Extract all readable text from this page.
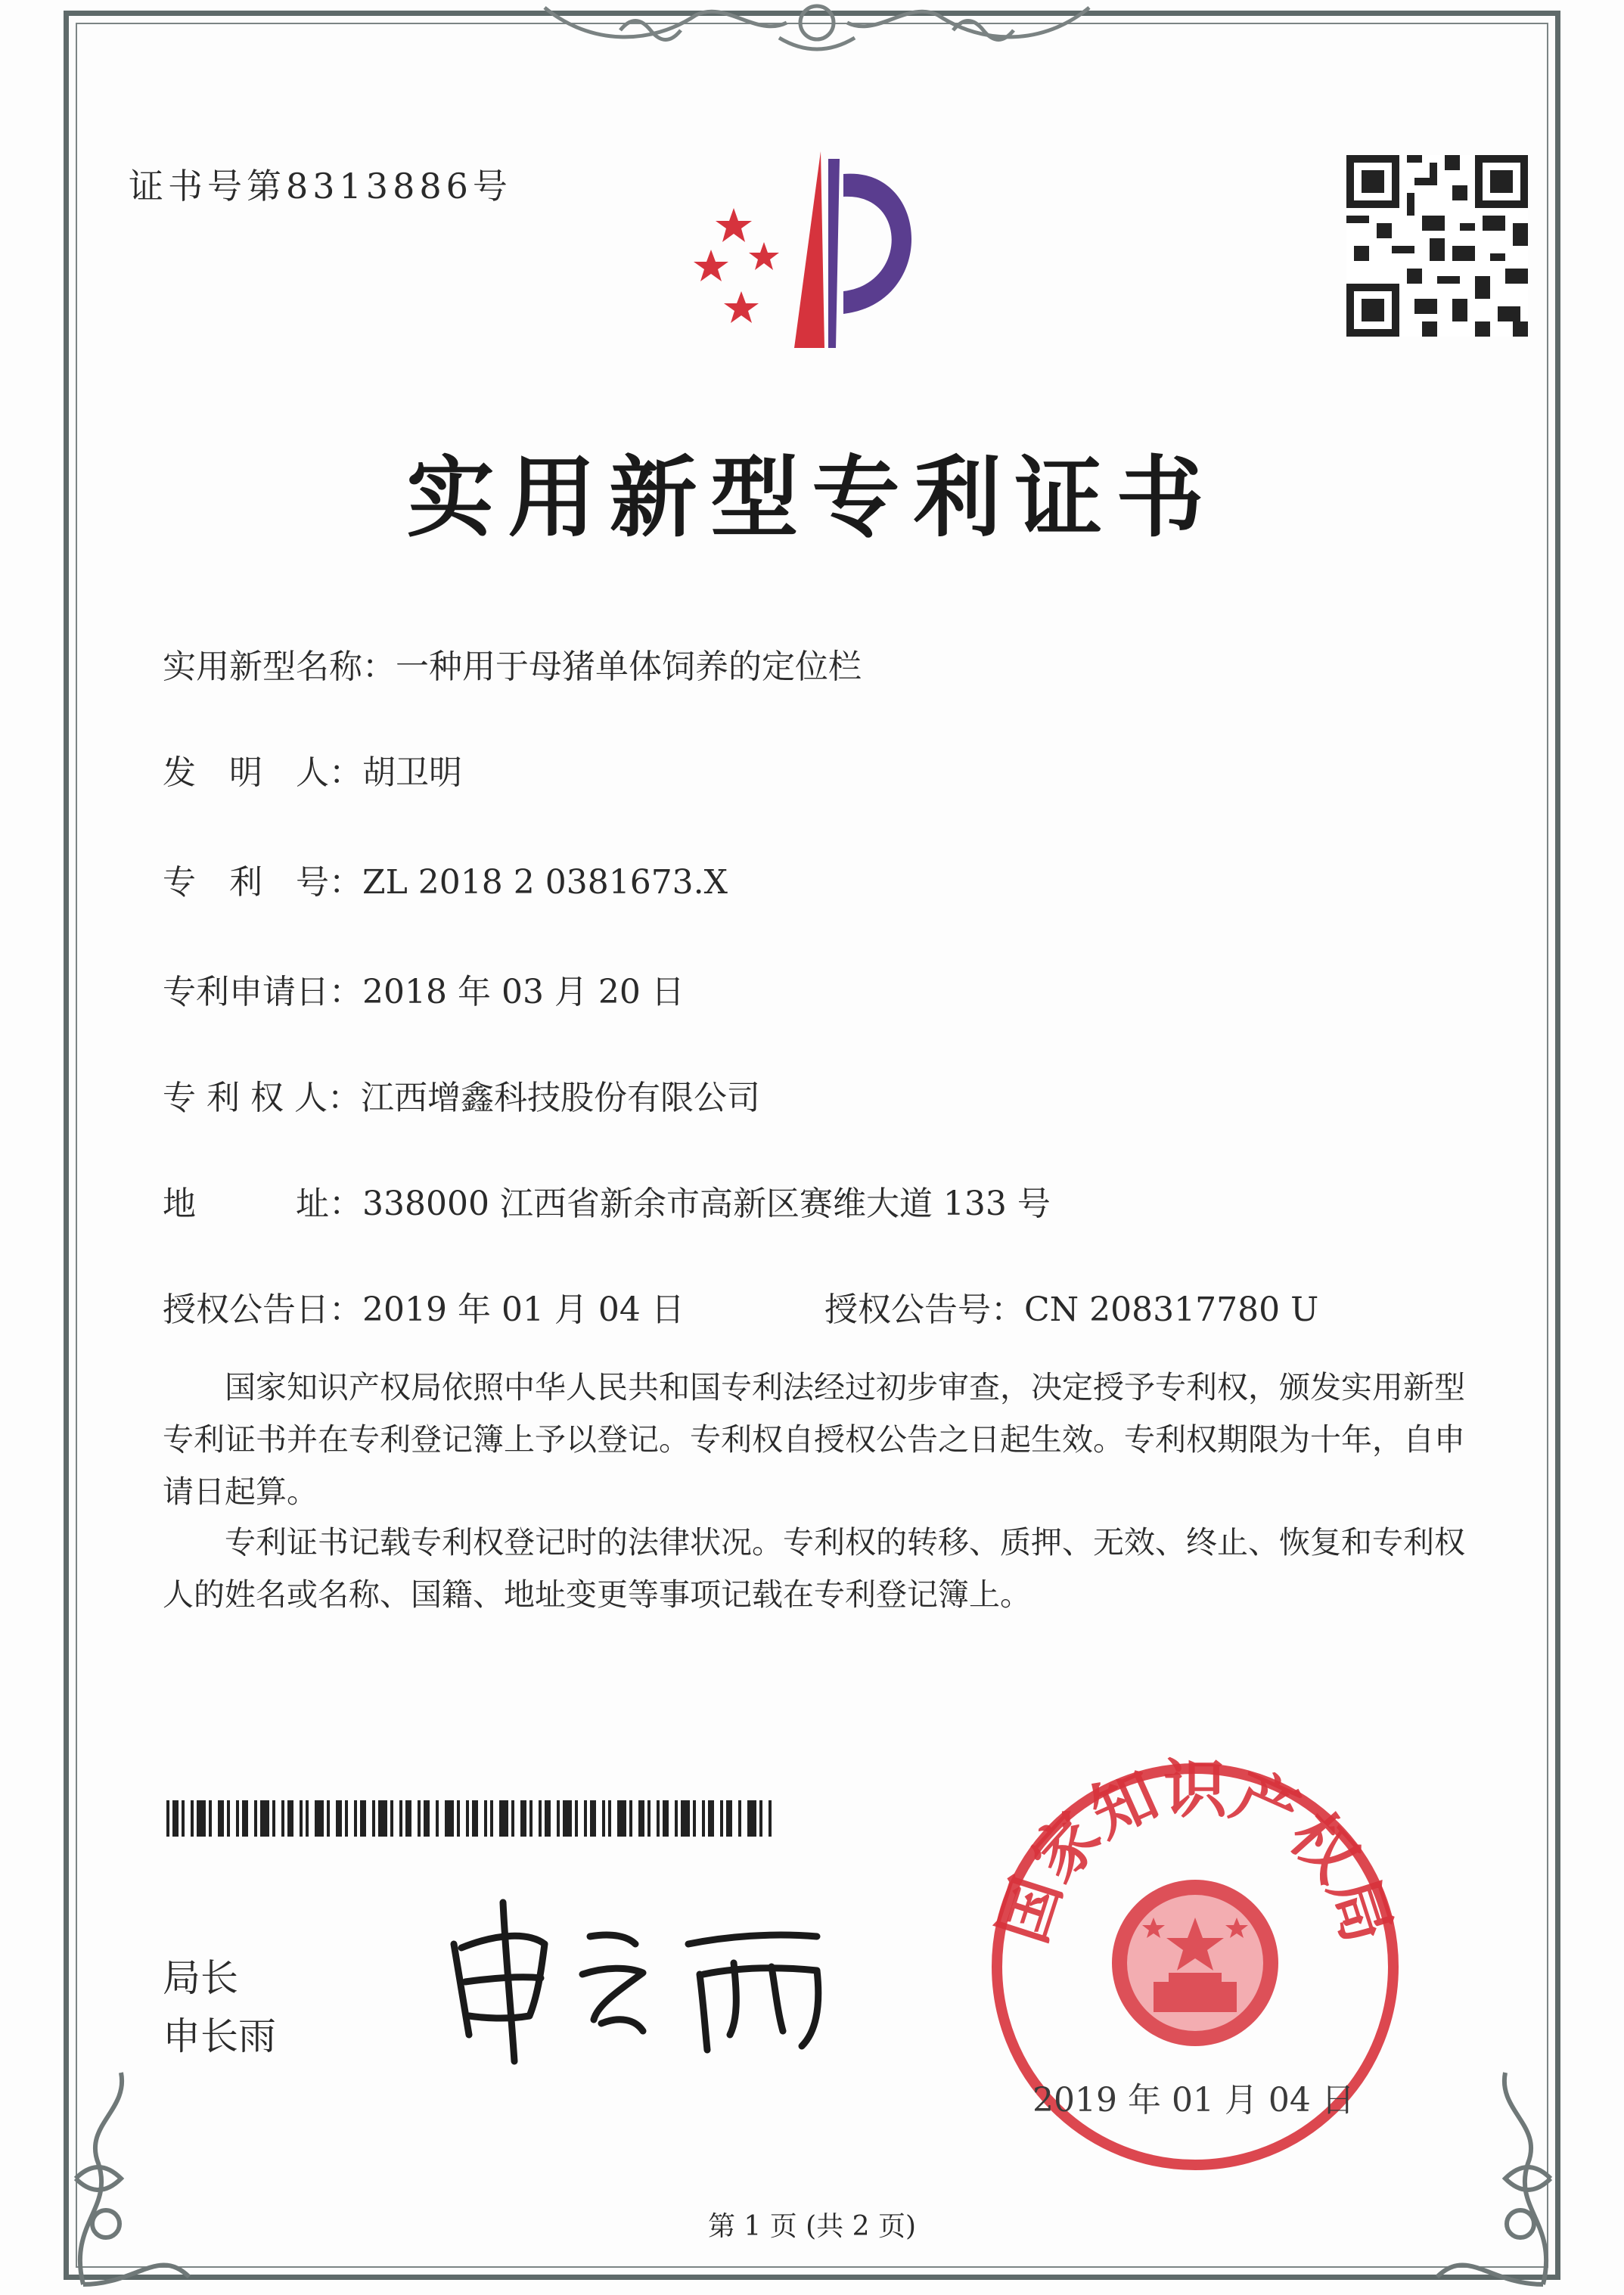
证书号第8313886号
实用新型专利证书
实用新型名称：一种用于母猪单体饲养的定位栏
发　明　人：胡卫明
专　利　号：ZL 2018 2 0381673.X
专利申请日：2018 年 03 月 20 日
专 利 权 人：江西增鑫科技股份有限公司
地　　　址：338000 江西省新余市高新区赛维大道 133 号
授权公告日：2019 年 01 月 04 日	授权公告号：CN 208317780 U
　　国家知识产权局依照中华人民共和国专利法经过初步审查，决定授予专利权，颁发实用新型专利证书并在专利登记簿上予以登记。专利权自授权公告之日起生效。专利权期限为十年，自申请日起算。
　　专利证书记载专利权登记时的法律状况。专利权的转移、质押、无效、终止、恢复和专利权人的姓名或名称、国籍、地址变更等事项记载在专利登记簿上。
局长
申长雨
国家知识产权局
2019 年 01 月 04 日
第 1 页 (共 2 页)
